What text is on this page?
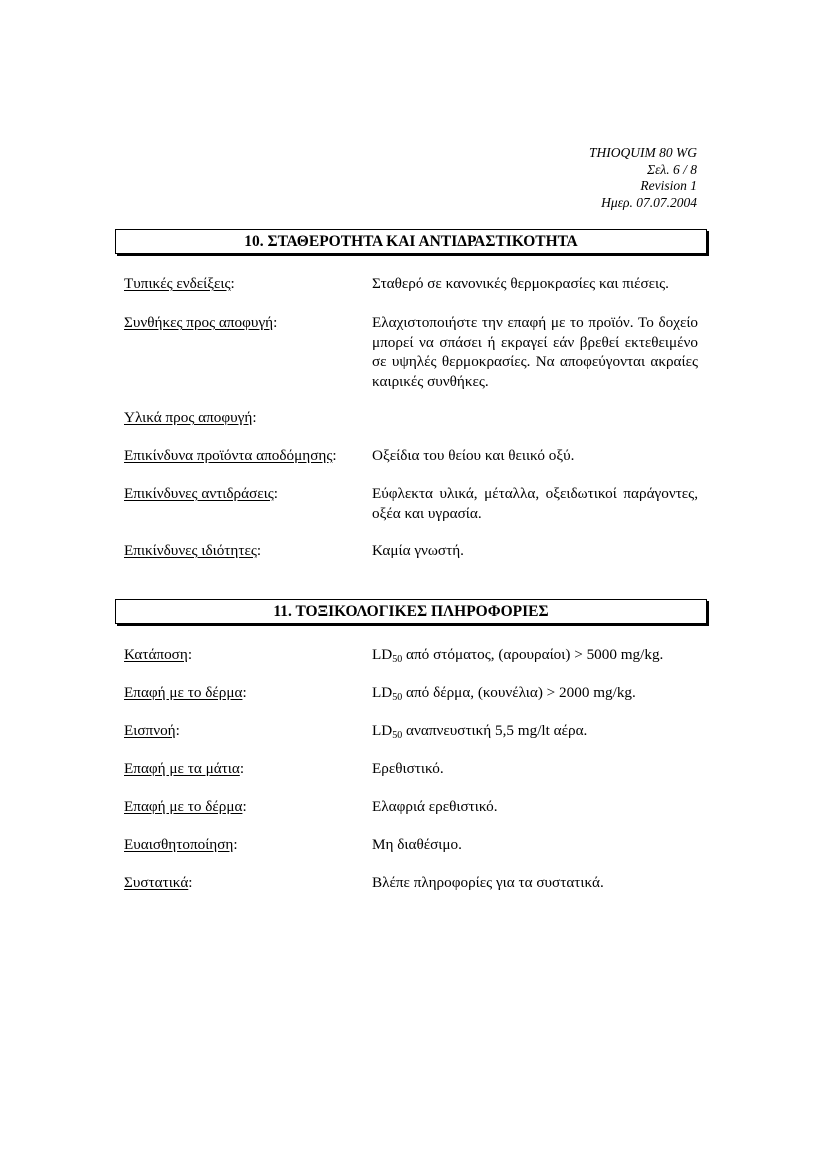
THIOQUIM 80 WG
Σελ. 6 / 8
Revision 1
Ημερ. 07.07.2004
10. ΣΤΑΘΕΡΟΤΗΤΑ ΚΑΙ ΑΝΤΙΔΡΑΣΤΙΚΟΤΗΤΑ
Τυπικές ενδείξεις:	Σταθερό σε κανονικές θερμοκρασίες και πιέσεις.
Συνθήκες προς αποφυγή:	Ελαχιστοποιήστε την επαφή με το προϊόν. Το δοχείο μπορεί να σπάσει ή εκραγεί εάν βρεθεί εκτεθειμένο σε υψηλές θερμοκρασίες. Να αποφεύγονται ακραίες καιρικές συνθήκες.
Υλικά προς αποφυγή:
Επικίνδυνα προϊόντα αποδόμησης: Οξείδια του θείου και θειικό οξύ.
Επικίνδυνες αντιδράσεις:	Εύφλεκτα υλικά, μέταλλα, οξειδωτικοί παράγοντες, οξέα και υγρασία.
Επικίνδυνες ιδιότητες:	Καμία γνωστή.
11. ΤΟΞΙΚΟΛΟΓΙΚΕΣ ΠΛΗΡΟΦΟΡΙΕΣ
Κατάποση:	$LD_{50}$ από στόματος, (αρουραίοι) > 5000 mg/kg.
Επαφή με το δέρμα:	$LD_{50}$ από δέρμα, (κουνέλια) > 2000 mg/kg.
Εισπνοή:	$LD_{50}$ αναπνευστική 5,5 mg/lt αέρα.
Επαφή με τα μάτια:	Ερεθιστικό.
Επαφή με το δέρμα:	Ελαφριά ερεθιστικό.
Ευαισθητοποίηση:	Μη διαθέσιμο.
Συστατικά:	Βλέπε πληροφορίες για τα συστατικά.
